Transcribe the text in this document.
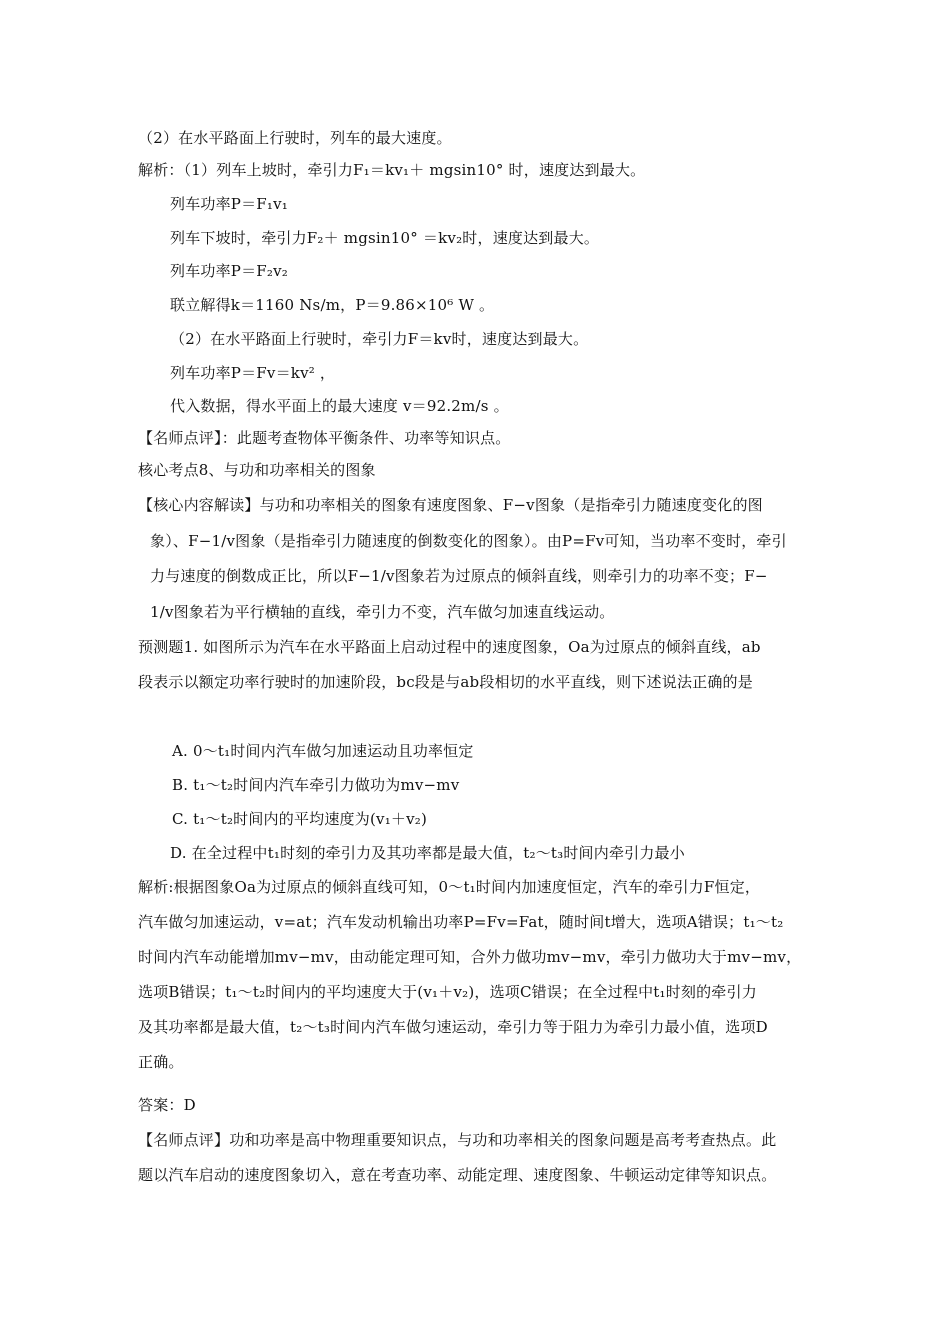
（2）在水平路面上行驶时，列车的最大速度。
解析：（1）列车上坡时，牵引力F₁＝kv₁＋ mgsin10° 时，速度达到最大。
列车功率P＝F₁v₁
列车下坡时，牵引力F₂＋ mgsin10° ＝kv₂时，速度达到最大。
列车功率P＝F₂v₂
联立解得k＝1160 Ns/m，P＝9.86×10⁶ W 。
（2）在水平路面上行驶时，牵引力F＝kv时，速度达到最大。
列车功率P＝Fv＝kv² ，
代入数据，得水平面上的最大速度 v＝92.2m/s 。
【名师点评】：此题考查物体平衡条件、功率等知识点。
核心考点8、与功和功率相关的图象
【核心内容解读】与功和功率相关的图象有速度图象、F−v图象（是指牵引力随速度变化的图
象）、F−1/v图象（是指牵引力随速度的倒数变化的图象）。由P=Fv可知，当功率不变时，牵引
力与速度的倒数成正比，所以F−1/v图象若为过原点的倾斜直线，则牵引力的功率不变；F−
1/v图象若为平行横轴的直线，牵引力不变，汽车做匀加速直线运动。
预测题1. 如图所示为汽车在水平路面上启动过程中的速度图象，Oa为过原点的倾斜直线，ab
段表示以额定功率行驶时的加速阶段，bc段是与ab段相切的水平直线，则下述说法正确的是
A. 0～t₁时间内汽车做匀加速运动且功率恒定
B. t₁～t₂时间内汽车牵引力做功为mv−mv
C. t₁～t₂时间内的平均速度为(v₁＋v₂)
D. 在全过程中t₁时刻的牵引力及其功率都是最大值，t₂～t₃时间内牵引力最小
解析:根据图象Oa为过原点的倾斜直线可知，0～t₁时间内加速度恒定，汽车的牵引力F恒定，
汽车做匀加速运动，v=at；汽车发动机输出功率P=Fv=Fat，随时间t增大，选项A错误；t₁～t₂
时间内汽车动能增加mv−mv，由动能定理可知，合外力做功mv−mv，牵引力做功大于mv−mv，
选项B错误；t₁～t₂时间内的平均速度大于(v₁＋v₂)，选项C错误；在全过程中t₁时刻的牵引力
及其功率都是最大值，t₂～t₃时间内汽车做匀速运动，牵引力等于阻力为牵引力最小值，选项D
正确。
答案：D
【名师点评】功和功率是高中物理重要知识点，与功和功率相关的图象问题是高考考查热点。此
题以汽车启动的速度图象切入，意在考查功率、动能定理、速度图象、牛顿运动定律等知识点。
